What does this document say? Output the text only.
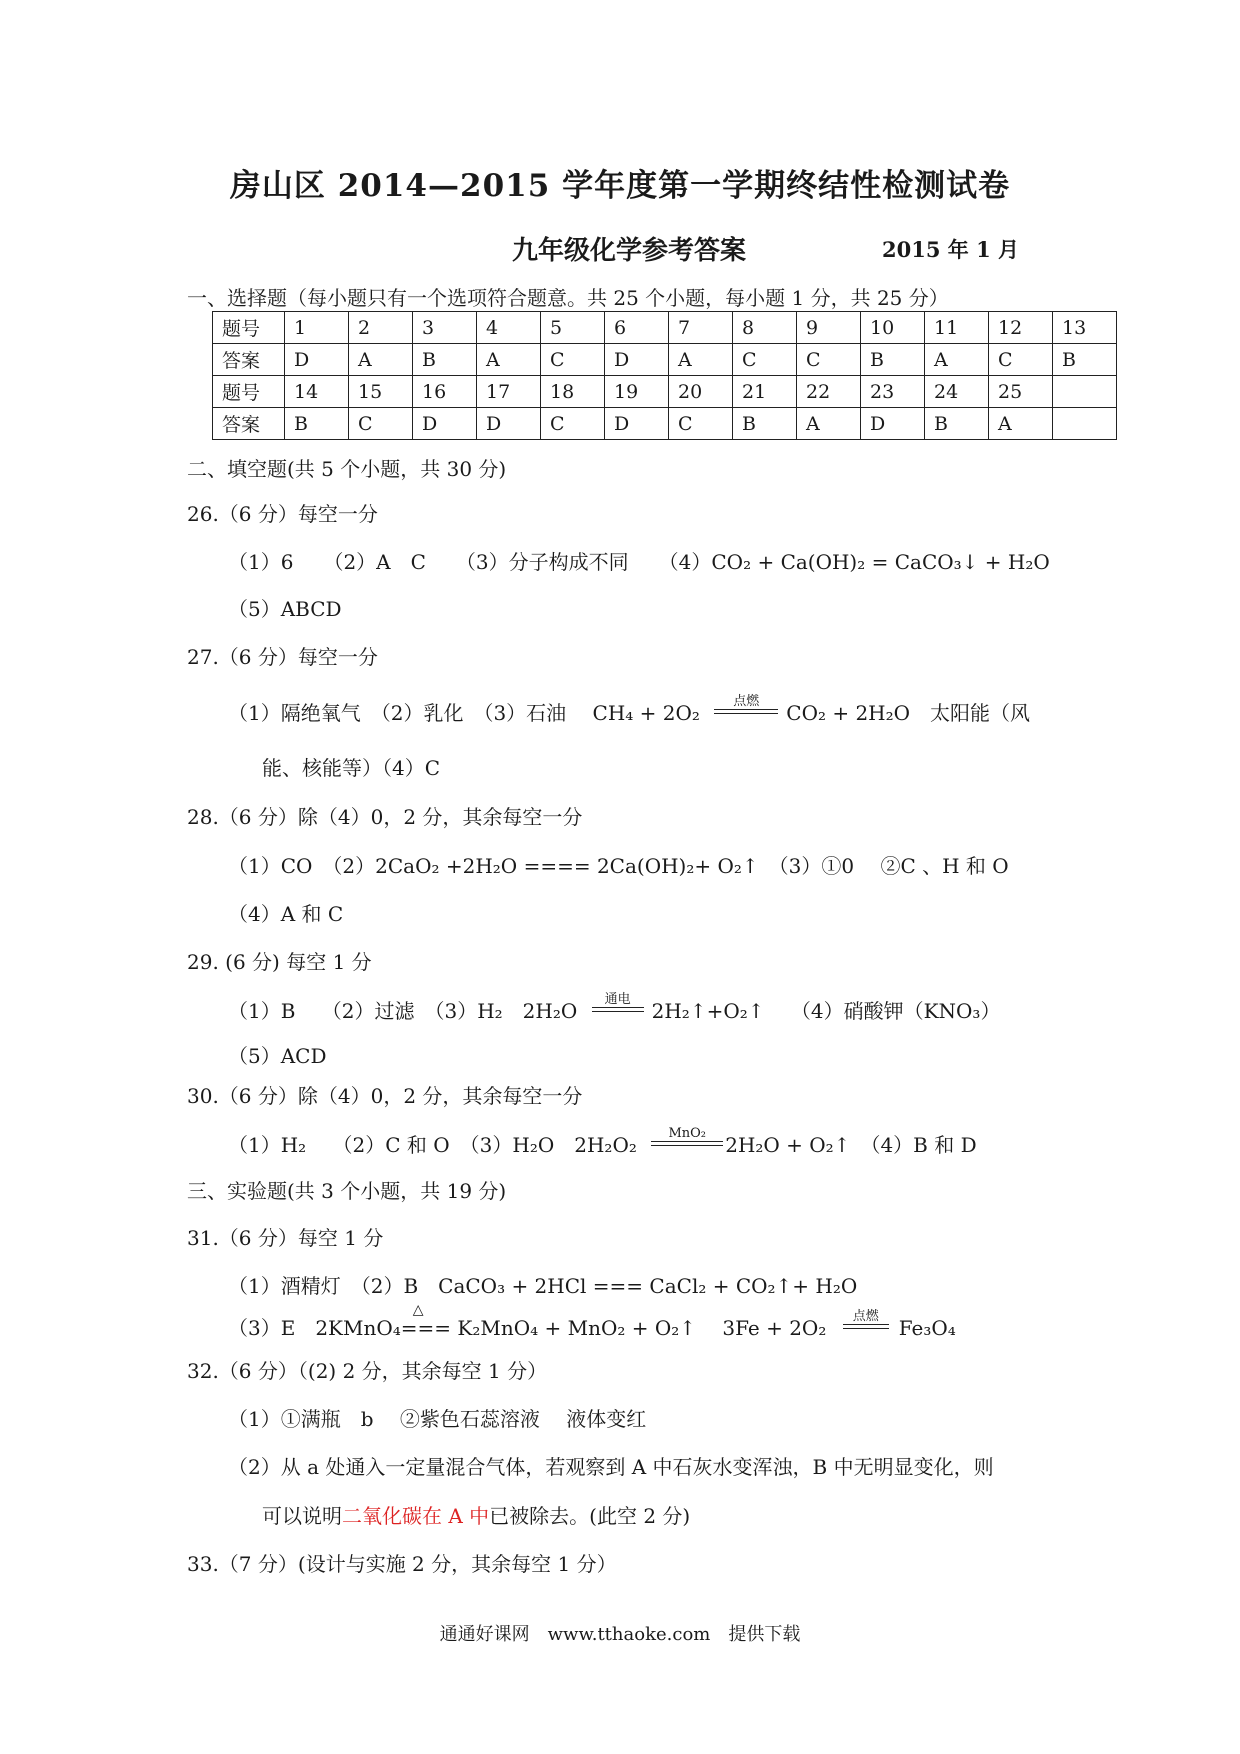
房山区 2014—2015 学年度第一学期终结性检测试卷
九年级化学参考答案	2015 年 1 月
一、选择题（每小题只有一个选项符合题意。共 25 个小题，每小题 1 分，共 25 分）
题号	1	2	3	4	5	6	7	8	9	10	11	12	13
答案	D	A	B	A	C	D	A	C	C	B	A	C	B
题号	14	15	16	17	18	19	20	21	22	23	24	25	
答案	B	C	D	D	C	D	C	B	A	D	B	A	
二、填空题(共 5 个小题，共 30 分)
26.（6 分）每空一分
（1）6　　（2）A　C　　（3）分子构成不同　　（4）CO₂ + Ca(OH)₂ = CaCO₃↓ + H₂O
（5）ABCD
27.（6 分）每空一分
（1）隔绝氧气　（2）乳化　（3）石油　 CH₄ + 2O₂	点燃 CO₂ + 2H₂O　太阳能（风
能、核能等）（4）C
28.（6 分）除（4）0，2 分，其余每空一分
（1）CO　（2）2CaO₂ +2H₂O ==== 2Ca(OH)₂+ O₂↑　（3）①0　 ②C 、H 和 O
（4）A 和 C
29. (6 分) 每空 1 分
（1）B　 （2）过滤　（3）H₂　2H₂O 通电 2H₂↑+O₂↑　 （4）硝酸钾（KNO₃）
（5）ACD
30.（6 分）除（4）0，2 分，其余每空一分
（1）H₂　 （2）C 和 O　（3）H₂O　2H₂O₂ MnO₂ 2H₂O + O₂↑　（4）B 和 D
三、实验题(共 3 个小题，共 19 分)
31.（6 分）每空 1 分
（1）酒精灯　（2）B　CaCO₃ + 2HCl === CaCl₂ + CO₂↑+ H₂O
（3）E　2KMnO₄
△
=== K₂MnO₄ + MnO₂ + O₂↑　 3Fe + 2O₂ 点燃 Fe₃O₄
32.（6 分）（(2) 2 分，其余每空 1 分）
（1）①满瓶　b　 ②紫色石蕊溶液　 液体变红
（2）从 a 处通入一定量混合气体，若观察到 A 中石灰水变浑浊，B 中无明显变化，则
可以说明二氧化碳在 A 中已被除去。(此空 2 分)
33.（7 分）(设计与实施 2 分，其余每空 1 分）
通通好课网　www.tthaoke.com　提供下载
